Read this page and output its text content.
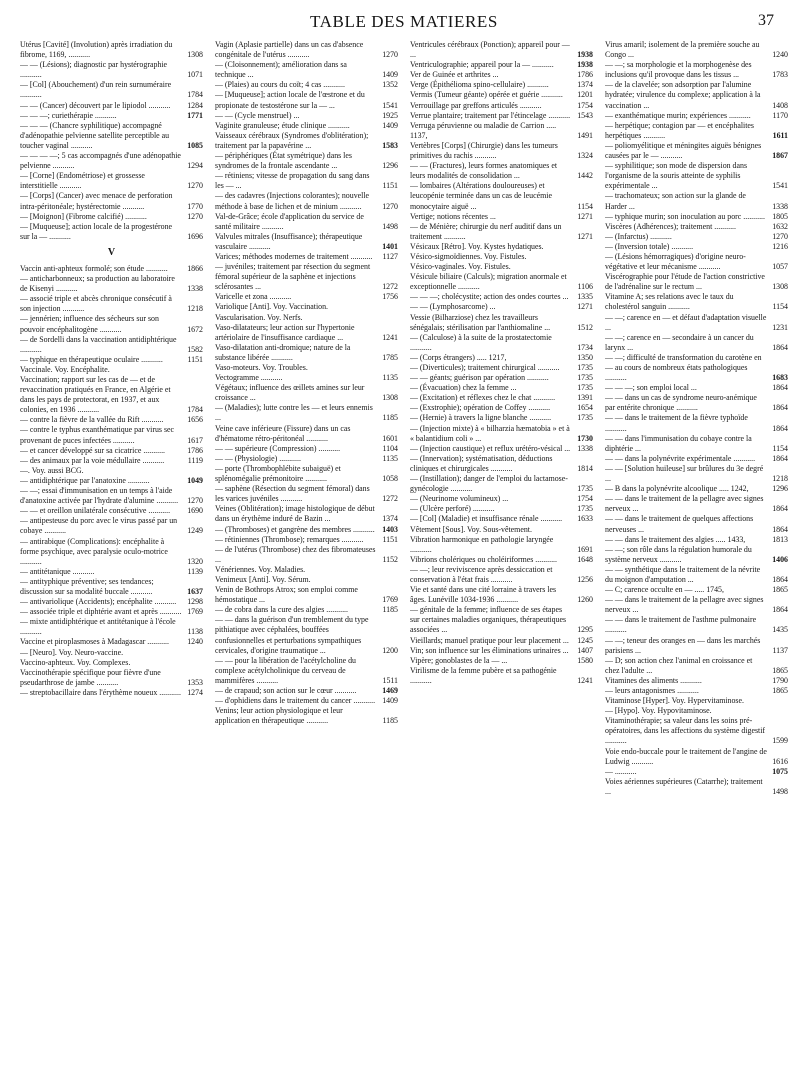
TABLE DES MATIERES	37
Utérus [Cavité] (Involution) après irradiation du fibrome, 1169, ...........	1308
— — (Lésions); diagnostic par hystérographie ...........	1071
— [Col] (Abouchement) d'un rein surnuméraire ...........	1784
— — (Cancer) découvert par le lipiodol ...........	1284
— — —; curiethérapie ...........	1771
— — — (Chancre syphilitique) accompagné d'adénopathie pelvienne satellite perceptible au toucher vaginal ...........	1085
— — — —; 5 cas accompagnés d'une adénopathie pelvienne ...........	1294
— [Corne] (Endométriose) et grossesse interstitielle ...........	1270
— [Corps] (Cancer) avec menace de perforation intra-péritonéale; hystérectomie ...........	1770
— [Moignon] (Fibrome calcifié) ...........	1270
— [Muqueuse]; action locale de la progestérone sur la — ...........	1696
V
Vaccin anti-aphteux formolé; son étude ...........	1866
— anticharbonneux; sa production au laboratoire de Kisenyi ...........	1338
— associé triple et abcès chronique consécutif à son injection ...........	1218
— jennérien; influence des sécheurs sur son pouvoir encéphalitogène ...........	1672
— de Sordelli dans la vaccination antidiphtérique ...........	1582
— typhique en thérapeutique oculaire ...........	1151
Vaccinale. Voy. Encéphalite.
Vaccination; rapport sur les cas de — et de revaccination pratiqués en France, en Algérie et dans les pays de protectorat, en 1937, et aux colonies, en 1936 ...........	1784
— contre la fièvre de la vallée du Rift ...........	1656
— contre le typhus exanthématique par virus sec provenant de puces infectées ...........	1617
— et cancer développé sur sa cicatrice ...........	1786
— des animaux par la voie médullaire ...........	1119
—. Voy. aussi BCG.
— antidiphtérique par l'anatoxine ...........	1049
— —; essai d'immunisation en un temps à l'aide d'anatoxine activée par l'hydrate d'alumine ...........	1270
— — et oreillon unilatérale consécutive ...........	1690
— antipesteuse du porc avec le virus passé par un cobaye ...........	1249
— antirabique (Complications): encéphalite à forme psychique, avec paralysie oculo-motrice ...........	1320
— antitétanique ...........	1139
— antityphique préventive; ses tendances; discussion sur sa modalité buccale ...........	1637
— antivariolique (Accidents); encéphalite ...........	1298
— associée triple et diphtérie avant et après ........... 1769
— mixte antidiphtérique et antitétanique à l'école ...........	1138
Vaccine et piroplasmoses à Madagascar ...........	1240
— [Neuro]. Voy. Neuro-vaccine.
Vaccino-aphteux. Voy. Complexes.
Vaccinothérapie spécifique pour fièvre d'une pseudarthrose de jambe ...........	1353
— streptobacillaire dans l'érythème noueux ........... 1274
Vagin (Aplasie partielle) dans un cas d'absence congénitale de l'utérus ...........	1270
— (Cloisonnement); amélioration dans sa technique ...	1409
— (Plaies) au cours du coït; 4 cas ...........	1352
— [Muqueuse]; action locale de l'œstrone et du propionate de testostérone sur la — ...	1541
— — (Cycle menstruel) ...	1925
Vaginite granuleuse; étude clinique ...........	1409
Vaisseaux cérébraux (Syndromes d'oblitération); traitement par la papavérine ...	1583
— périphériques (État symétrique) dans les syndromes de la frontale ascendante ...	1296
— rétiniens; vitesse de propagation du sang dans les — ...	1151
— des cadavres (Injections colorantes); nouvelle méthode à base de lichen et de minium ...........	1270
Val-de-Grâce; école d'application du service de santé militaire ...........	1498
Valvules mitrales (Insuffisance); thérapeutique vasculaire ...........	1401
Varices; méthodes modernes de traitement ...........	1127
— juvéniles; traitement par résection du segment fémoral supérieur de la saphène et injections sclérosantes ...	1272
Varicelle et zona ...........	1756
Variolique [Anti]. Voy. Vaccination.
Vascularisation. Voy. Nerfs.
Vaso-dilatateurs; leur action sur l'hypertonie artériolaire de l'insuffisance cardiaque ...	1241
Vaso-dilatation anti-dromique; nature de la substance libérée ...........	1785
Vaso-moteurs. Voy. Troubles.
Vectogramme ...........	1135
Végétaux; influence des œillets amines sur leur croissance ...	1308
— (Maladies); lutte contre les — et leurs ennemis ...	1185
Veine cave inférieure (Fissure) dans un cas d'hématome rétro-péritonéal ...........	1601
— — supérieure (Compression) ...........	1104
— — (Physiologie) ...........	1135
— porte (Thrombophlébite subaiguë) et splénomégalie prémonitoire ...........	1058
— saphène (Résection du segment fémoral) dans les varices juvéniles ...........	1272
Veines (Oblitération); image histologique de début dans un érythème induré de Bazin ...	1374
— (Thromboses) et gangrène des membres ........... 1403
— rétiniennes (Thrombose); remarques ...........	1151
— de l'utérus (Thrombose) chez des fibromateuses ...	1152
Vénériennes. Voy. Maladies.
Venimeux [Anti]. Voy. Sérum.
Venin de Bothrops Atrox; son emploi comme hémostatique ...	1769
— de cobra dans la cure des algies ...........	1185
— — dans la guérison d'un tremblement du type pithiatique avec céphalées, bouffées confusionnelles et perturbations sympathiques cervicales, d'origine traumatique ...	1200
— — pour la libération de l'acétylcholine du complexe acétylcholinique du cerveau de mammifères ...........	1511
— de crapaud; son action sur le cœur ...........	1469
— d'ophidiens dans le traitement du cancer ........... 1409
Venins; leur action physiologique et leur application en thérapeutique ...........	1185
Ventricules cérébraux (Ponction); appareil pour — ...	1938
Ventriculographie; appareil pour la — ...........	1938
Ver de Guinée et arthrites ...	1786
Verge (Épithélioma spino-cellulaire) ...........	1374
Vermis (Tumeur géante) opérée et guérie ...........	1201
Verrouillage par greffons articulés ...........	1754
Verrue plantaire; traitement par l'étincelage ........... 1543
Verruga péruvienne ou maladie de Carrion ..... 1137,	1491
Vertèbres [Corps] (Chirurgie) dans les tumeurs primitives du rachis ...........	1324
— — (Fractures), leurs formes anatomiques et leurs modalités de consolidation ...	1442
— lombaires (Altérations douloureuses) et leucopénie terminée dans un cas de leucémie monocytaire aiguë ...	1154
Vertige; notions récentes ...	1271
— de Ménière; chirurgie du nerf auditif dans un traitement ...........	1271
Vésicaux [Rétro]. Voy. Kystes hydatiques.
Vésico-sigmoïdiennes. Voy. Fistules.
Vésico-vaginales. Voy. Fistules.
Vésicule biliaire (Calculs); migration anormale et exceptionnelle ...........	1106
— — —; cholécystite; action des ondes courtes ...	1335
— — (Lymphosarcome) ...	1271
Vessie (Bilharziose) chez les travailleurs sénégalais; stérilisation par l'anthiomaline ...	1512
— (Calculose) à la suite de la prostatectomie ...........	1734
— (Corps étrangers) ..... 1217,	1350
— (Diverticules); traitement chirurgical ...........	1735
— — géants; guérison par opération ...........	1735
— (Évacuation) chez la femme ...	1735
— (Excitation) et réflexes chez le chat ...........	1391
— (Exstrophie); opération de Coffey ...........	1654
— (Hernie) à travers la ligne blanche ...........	1735
— (Injection mixte) à « bilharzia hæmatobia » et à « balantidium coli » ...	1730
— (Injection caustique) et reflux urétéro-vésical ... 1338
— (Innervation); systématisation, déductions cliniques et chirurgicales ...........	1814
— (Instillation); danger de l'emploi du lactamose-gynécologie ...........	1735
— (Neurinome volumineux) ...	1754
— (Ulcère perforé) ...........	1735
— [Col] (Maladie) et insuffisance rénale ...........	1633
Vêtement [Sous]. Voy. Sous-vêtement.
Vibration harmonique en pathologie laryngée ...........	1691
Vibrions cholériques ou choléiriformes ...........	1648
— —; leur reviviscence après dessiccation et conservation à l'état frais ...........	1256
Vie et santé dans une cité lorraine à travers les âges. Lunéville 1034-1936 ...........	1260
— génitale de la femme; influence de ses étapes sur certaines maladies organiques, thérapeutiques associées ...	1295
Vieillards; manuel pratique pour leur placement ...	1245
Vin; son influence sur les éliminations urinaires ...	1407
Vipère; gonoblastes de la — ...	1580
Virilisme de la femme pubère et sa pathogénie ...........	1241
Virus amaril; isolement de la première souche au Congo ...	1240
— —; sa morphologie et la morphogenèse des inclusions qu'il provoque dans les tissus ...	1783
— de la clavelée; son adsorption par l'alumine hydratée; virulence du complexe; application à la vaccination ...	1408
— exanthématique murin; expériences ...........	1170
— herpétique; contagion par — et encéphalites herpétiques ...........	1611
— poliomyélitique et méningites aiguës bénignes causées par le — ...........	1867
— syphilitique; son mode de dispersion dans l'organisme de la souris atteinte de syphilis expérimentale ...	1541
— trachomateux; son action sur la glande de Harder ...	1338
— typhique murin; son inoculation au porc ........... 1805
Viscères (Adhérences); traitement ...........	1632
— (Infarctus) ...........	1270
— (Inversion totale) ...........	1216
— (Lésions hémorragiques) d'origine neuro-végétative et leur mécanisme ...........	1057
Viscérographie pour l'étude de l'action constrictive de l'adrénaline sur le rectum ...	1308
Vitamine A; ses relations avec le taux du cholestérol sanguin ...........	1154
— —; carence en — et défaut d'adaptation visuelle ...	1231
— —; carence en — secondaire à un cancer du larynx ...	1864
— —; difficulté de transformation du carotène en — au cours de nombreux états pathologiques ...........	1683
— — —; son emploi local ...	1864
— — dans un cas de syndrome neuro-anémique par entérite chronique ...........	1864
— — dans le traitement de la fièvre typhoïde ...........	1864
— — dans l'immunisation du cobaye contre la diphtérie ...	1154
— — dans la polynévrite expérimentale ...........	1864
— — [Solution huileuse] sur brûlures du 3e degré ...	1218
— B dans la polynévrite alcoolique ..... 1242,	1296
— — dans le traitement de la pellagre avec signes nerveux ...	1864
— — dans le traitement de quelques affections nerveuses ...	1864
— — dans le traitement des algies ..... 1433,	1813
— —; son rôle dans la régulation humorale du système nerveux ...........	1406
— — synthétique dans le traitement de la névrite du moignon d'amputation ...	1864
— C; carence occulte en — ..... 1745,	1865
— — dans le traitement de la pellagre avec signes nerveux ...	1864
— — dans le traitement de l'asthme pulmonaire ...........	1435
— —; teneur des oranges en — dans les marchés parisiens ...	1137
— D; son action chez l'animal en croissance et chez l'adulte ...	1865
Vitamines des aliments ...........	1790
— leurs antagonismes ...........	1865
Vitaminose [Hyper]. Voy. Hypervitaminose.
— [Hypo]. Voy. Hypovitaminose.
Vitaminothérapie; sa valeur dans les soins pré-opératoires, dans les affections du système digestif ...........	1599
Voie endo-buccale pour le traitement de l'angine de Ludwig ...........	1616
— ...........	1075
Voies aériennes supérieures (Catarrhe); traitement ...	1498
